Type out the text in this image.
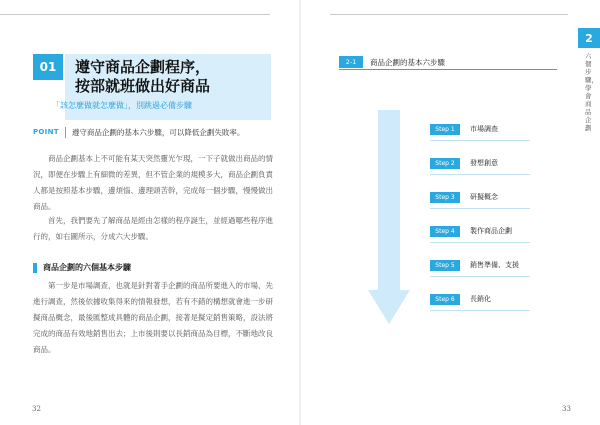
01	遵守商品企劃程序，
按部就班做出好商品
「該怎麼做就怎麼做」，別跳過必備步驟
POINT 遵守商品企劃的基本六步驟，可以降低企劃失敗率。

商品企劃基本上不可能有某天突然靈光乍現，一下子就做出商品的情況，即便在步驟上有細微的差異，但不管企業的規模多大，商品企劃負責人都是按照基本步驟，邊煩惱、邊理頭苦幹，完成每一個步驟，慢慢做出商品。

首先，我們要先了解商品是經由怎樣的程序誕生，並經過哪些程序進行的，如右圖所示，分成六大步驟。

商品企劃的六個基本步驟

第一步是市場調查，也就是針對著手企劃的商品所要進入的市場，先進行調查，然後依據收集得來的情報發想，若有不錯的構想就會進一步研擬商品概念，最後匯整成具體的商品企劃，接著是擬定銷售策略，設法將完成的商品有效地銷售出去；上市後則要以長銷商品為目標，不斷地改良商品。

32
2
六個步驟，學會商品企劃
2-1	商品企劃的基本六步驟
Step 1	市場調查
Step 2	發想創意
Step 3	研擬概念
Step 4	製作商品企劃
Step 5	銷售準備、支援
Step 6	長銷化
33
